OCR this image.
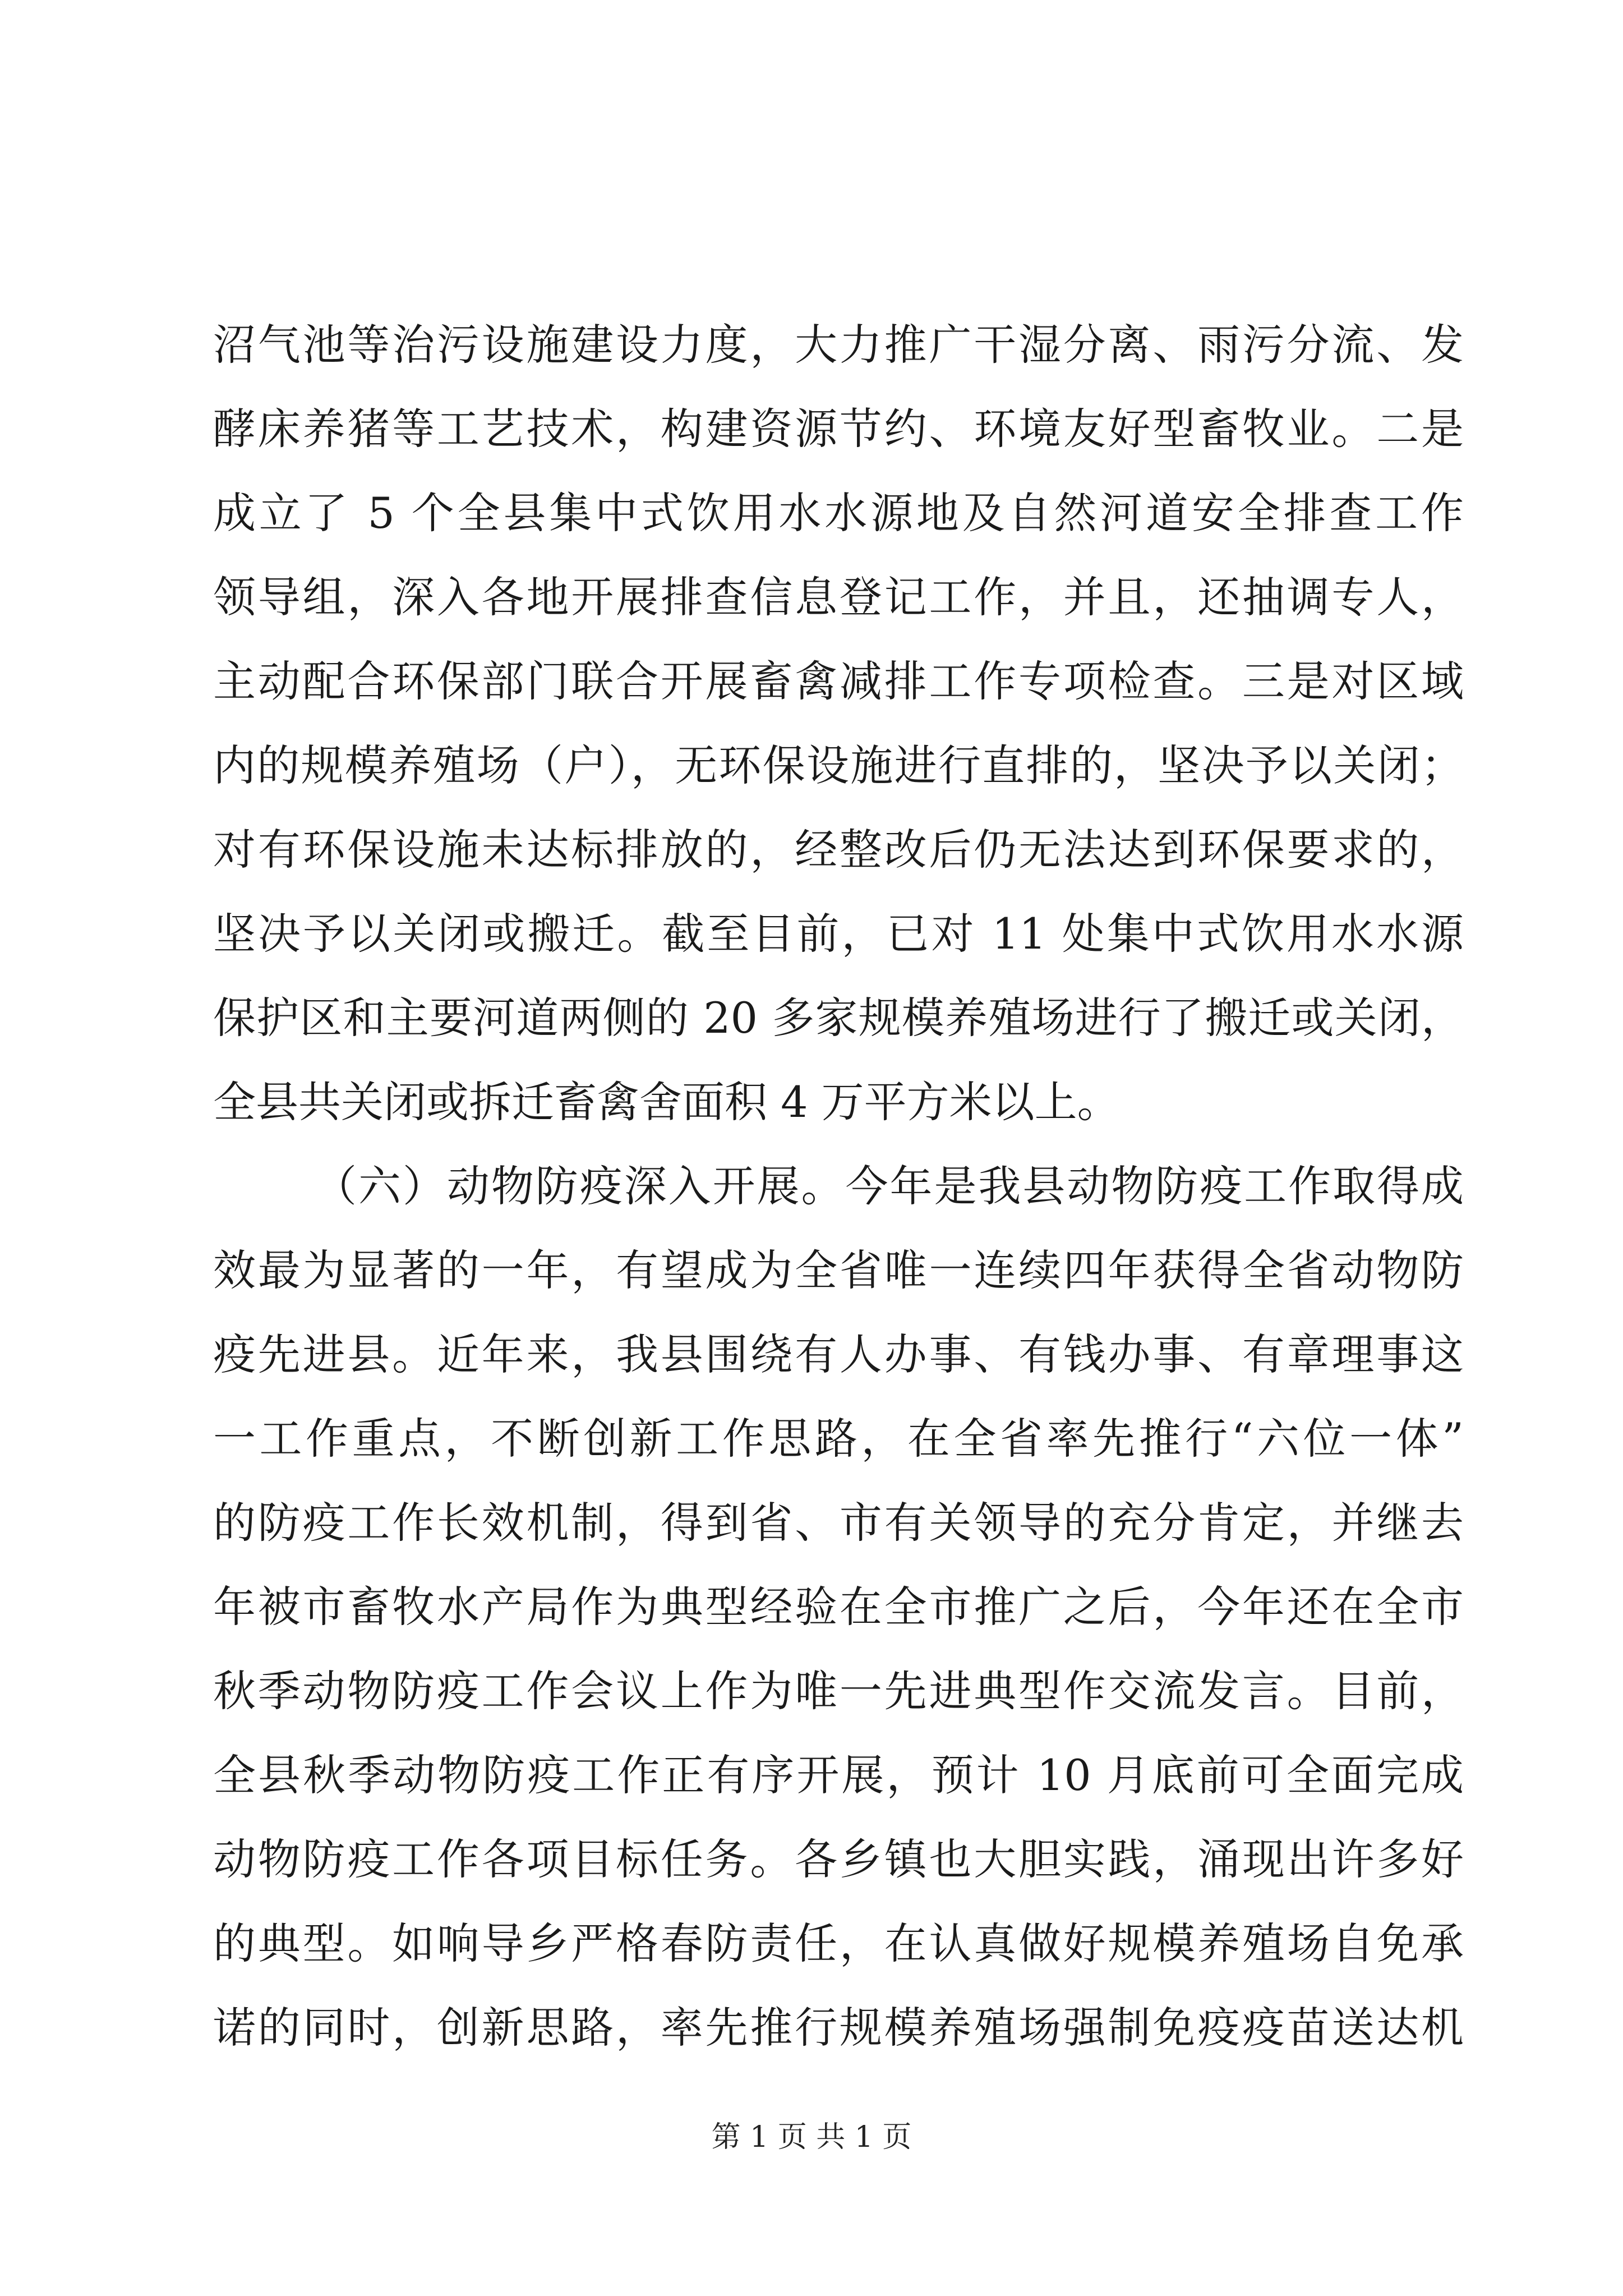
沼气池等治污设施建设力度，大力推广干湿分离、雨污分流、发
酵床养猪等工艺技术，构建资源节约、环境友好型畜牧业。二是
成立了 5 个全县集中式饮用水水源地及自然河道安全排查工作
领导组，深入各地开展排查信息登记工作，并且，还抽调专人，
主动配合环保部门联合开展畜禽减排工作专项检查。三是对区域
内的规模养殖场（户），无环保设施进行直排的，坚决予以关闭；
对有环保设施未达标排放的，经整改后仍无法达到环保要求的，
坚决予以关闭或搬迁。截至目前，已对 11 处集中式饮用水水源
保护区和主要河道两侧的 20 多家规模养殖场进行了搬迁或关闭，
全县共关闭或拆迁畜禽舍面积 4 万平方米以上。
（六）动物防疫深入开展。今年是我县动物防疫工作取得成
效最为显著的一年，有望成为全省唯一连续四年获得全省动物防
疫先进县。近年来，我县围绕有人办事、有钱办事、有章理事这
一工作重点，不断创新工作思路，在全省率先推行“六位一体”
的防疫工作长效机制，得到省、市有关领导的充分肯定，并继去
年被市畜牧水产局作为典型经验在全市推广之后，今年还在全市
秋季动物防疫工作会议上作为唯一先进典型作交流发言。目前，
全县秋季动物防疫工作正有序开展，预计 10 月底前可全面完成
动物防疫工作各项目标任务。各乡镇也大胆实践，涌现出许多好
的典型。如响导乡严格春防责任，在认真做好规模养殖场自免承
诺的同时，创新思路，率先推行规模养殖场强制免疫疫苗送达机
第 1 页 共 1 页
